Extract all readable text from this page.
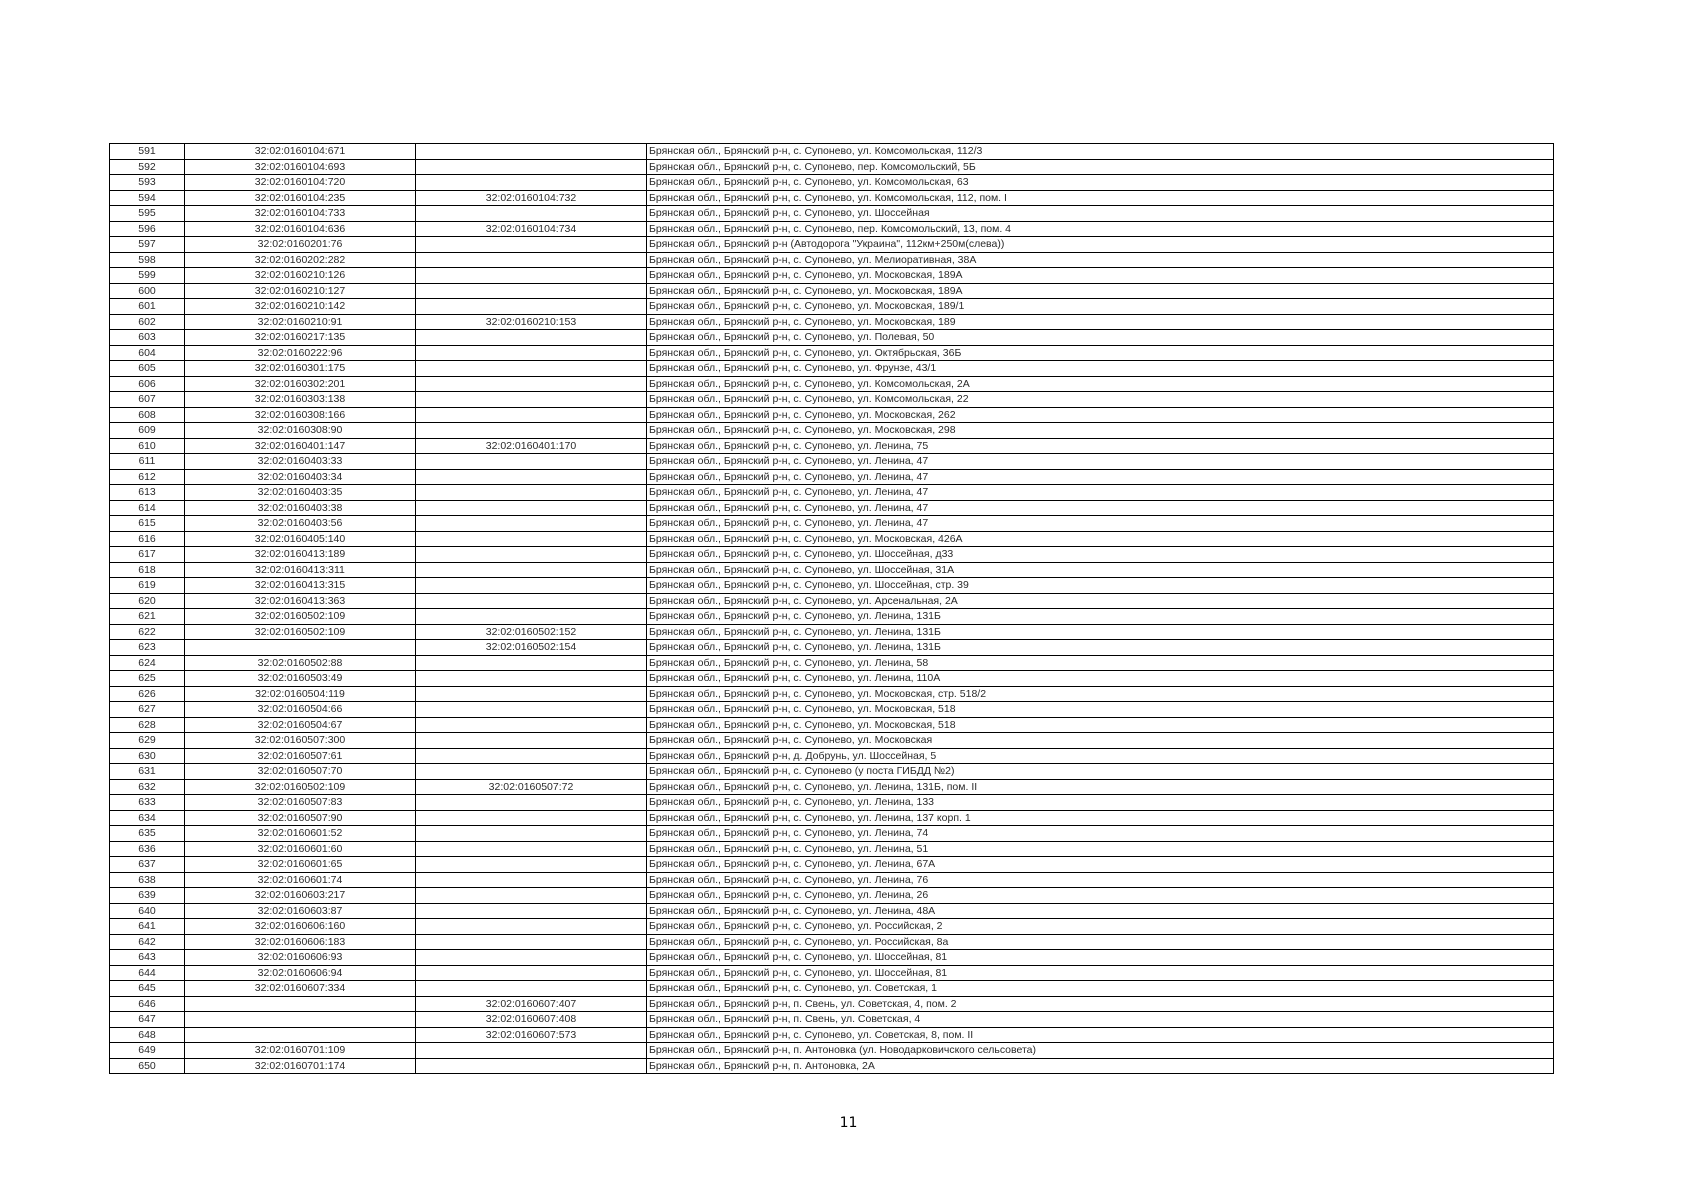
591	32:02:0160104:671		Брянская обл., Брянский р-н, с. Супонево, ул. Комсомольская, 112/3
592	32:02:0160104:693		Брянская обл., Брянский р-н, с. Супонево, пер. Комсомольский, 5Б
593	32:02:0160104:720		Брянская обл., Брянский р-н, с. Супонево, ул. Комсомольская, 63
594	32:02:0160104:235	32:02:0160104:732	Брянская обл., Брянский р-н, с. Супонево, ул. Комсомольская, 112, пом. I
595	32:02:0160104:733		Брянская обл., Брянский р-н, с. Супонево, ул. Шоссейная
596	32:02:0160104:636	32:02:0160104:734	Брянская обл., Брянский р-н, с. Супонево, пер. Комсомольский, 13, пом. 4
597	32:02:0160201:76		Брянская обл., Брянский р-н (Автодорога "Украина", 112км+250м(слева))
598	32:02:0160202:282		Брянская обл., Брянский р-н, с. Супонево, ул. Мелиоративная, 38А
599	32:02:0160210:126		Брянская обл., Брянский р-н, с. Супонево, ул. Московская, 189А
600	32:02:0160210:127		Брянская обл., Брянский р-н, с. Супонево, ул. Московская, 189А
601	32:02:0160210:142		Брянская обл., Брянский р-н, с. Супонево, ул. Московская, 189/1
602	32:02:0160210:91	32:02:0160210:153	Брянская обл., Брянский р-н, с. Супонево, ул. Московская, 189
603	32:02:0160217:135		Брянская обл., Брянский р-н, с. Супонево, ул. Полевая, 50
604	32:02:0160222:96		Брянская обл., Брянский р-н, с. Супонево, ул. Октябрьская, 36Б
605	32:02:0160301:175		Брянская обл., Брянский р-н, с. Супонево, ул. Фрунзе, 43/1
606	32:02:0160302:201		Брянская обл., Брянский р-н, с. Супонево, ул. Комсомольская, 2А
607	32:02:0160303:138		Брянская обл., Брянский р-н, с. Супонево, ул. Комсомольская, 22
608	32:02:0160308:166		Брянская обл., Брянский р-н, с. Супонево, ул. Московская, 262
609	32:02:0160308:90		Брянская обл., Брянский р-н, с. Супонево, ул. Московская, 298
610	32:02:0160401:147	32:02:0160401:170	Брянская обл., Брянский р-н, с. Супонево, ул. Ленина, 75
611	32:02:0160403:33		Брянская обл., Брянский р-н, с. Супонево, ул. Ленина, 47
612	32:02:0160403:34		Брянская обл., Брянский р-н, с. Супонево, ул. Ленина, 47
613	32:02:0160403:35		Брянская обл., Брянский р-н, с. Супонево, ул. Ленина, 47
614	32:02:0160403:38		Брянская обл., Брянский р-н, с. Супонево, ул. Ленина, 47
615	32:02:0160403:56		Брянская обл., Брянский р-н, с. Супонево, ул. Ленина, 47
616	32:02:0160405:140		Брянская обл., Брянский р-н, с. Супонево, ул. Московская, 426А
617	32:02:0160413:189		Брянская обл., Брянский р-н, с. Супонево, ул. Шоссейная, д33
618	32:02:0160413:311		Брянская обл., Брянский р-н, с. Супонево, ул. Шоссейная, 31А
619	32:02:0160413:315		Брянская обл., Брянский р-н, с. Супонево, ул. Шоссейная, стр. 39
620	32:02:0160413:363		Брянская обл., Брянский р-н, с. Супонево, ул. Арсенальная, 2А
621	32:02:0160502:109		Брянская обл., Брянский р-н, с. Супонево, ул. Ленина, 131Б
622	32:02:0160502:109	32:02:0160502:152	Брянская обл., Брянский р-н, с. Супонево, ул. Ленина, 131Б
623		32:02:0160502:154	Брянская обл., Брянский р-н, с. Супонево, ул. Ленина, 131Б
624	32:02:0160502:88		Брянская обл., Брянский р-н, с. Супонево, ул. Ленина, 58
625	32:02:0160503:49		Брянская обл., Брянский р-н, с. Супонево, ул. Ленина, 110А
626	32:02:0160504:119		Брянская обл., Брянский р-н, с. Супонево, ул. Московская, стр. 518/2
627	32:02:0160504:66		Брянская обл., Брянский р-н, с. Супонево, ул. Московская, 518
628	32:02:0160504:67		Брянская обл., Брянский р-н, с. Супонево, ул. Московская, 518
629	32:02:0160507:300		Брянская обл., Брянский р-н, с. Супонево, ул. Московская
630	32:02:0160507:61		Брянская обл., Брянский р-н, д. Добрунь, ул. Шоссейная, 5
631	32:02:0160507:70		Брянская обл., Брянский р-н, с. Супонево (у поста ГИБДД №2)
632	32:02:0160502:109	32:02:0160507:72	Брянская обл., Брянский р-н, с. Супонево, ул. Ленина, 131Б, пом. II
633	32:02:0160507:83		Брянская обл., Брянский р-н, с. Супонево, ул. Ленина, 133
634	32:02:0160507:90		Брянская обл., Брянский р-н, с. Супонево, ул. Ленина, 137 корп. 1
635	32:02:0160601:52		Брянская обл., Брянский р-н, с. Супонево, ул. Ленина, 74
636	32:02:0160601:60		Брянская обл., Брянский р-н, с. Супонево, ул. Ленина, 51
637	32:02:0160601:65		Брянская обл., Брянский р-н, с. Супонево, ул. Ленина, 67А
638	32:02:0160601:74		Брянская обл., Брянский р-н, с. Супонево, ул. Ленина, 76
639	32:02:0160603:217		Брянская обл., Брянский р-н, с. Супонево, ул. Ленина, 26
640	32:02:0160603:87		Брянская обл., Брянский р-н, с. Супонево, ул. Ленина, 48А
641	32:02:0160606:160		Брянская обл., Брянский р-н, с. Супонево, ул. Российская, 2
642	32:02:0160606:183		Брянская обл., Брянский р-н, с. Супонево, ул. Российская, 8а
643	32:02:0160606:93		Брянская обл., Брянский р-н, с. Супонево, ул. Шоссейная, 81
644	32:02:0160606:94		Брянская обл., Брянский р-н, с. Супонево, ул. Шоссейная, 81
645	32:02:0160607:334		Брянская обл., Брянский р-н, с. Супонево, ул. Советская, 1
646		32:02:0160607:407	Брянская обл., Брянский р-н, п. Свень, ул. Советская, 4, пом. 2
647		32:02:0160607:408	Брянская обл., Брянский р-н, п. Свень, ул. Советская, 4
648		32:02:0160607:573	Брянская обл., Брянский р-н, с. Супонево, ул. Советская, 8, пом. II
649	32:02:0160701:109		Брянская обл., Брянский р-н, п. Антоновка (ул. Новодарковичского сельсовета)
650	32:02:0160701:174		Брянская обл., Брянский р-н, п. Антоновка, 2А
11
